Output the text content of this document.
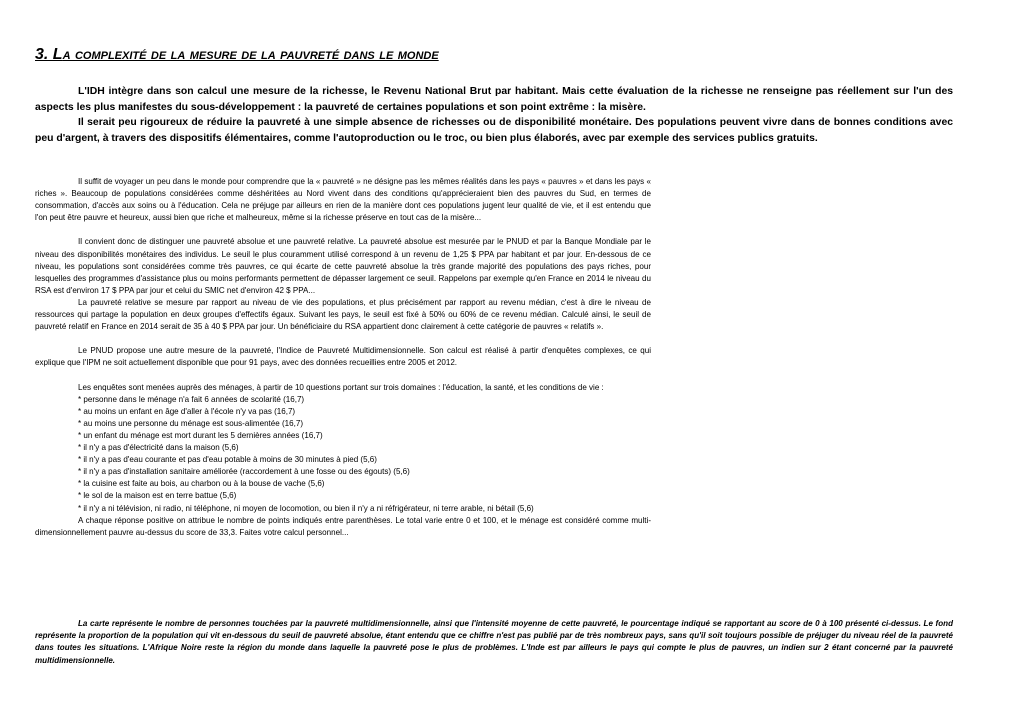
3. La complexité de la mesure de la pauvreté dans le monde

L'IDH intègre dans son calcul une mesure de la richesse, le Revenu National Brut par habitant. Mais cette évaluation de la richesse ne renseigne pas réellement sur l'un des aspects les plus manifestes du sous-développement : la pauvreté de certaines populations et son point extrême : la misère.

Il serait peu rigoureux de réduire la pauvreté à une simple absence de richesses ou de disponibilité monétaire. Des populations peuvent vivre dans de bonnes conditions avec peu d'argent, à travers des dispositifs élémentaires, comme l'autoproduction ou le troc, ou bien plus élaborés, avec par exemple des services publics gratuits.

Il suffit de voyager un peu dans le monde pour comprendre que la « pauvreté » ne désigne pas les mêmes réalités dans les pays « pauvres » et dans les pays « riches ». Beaucoup de populations considérées comme déshéritées au Nord vivent dans des conditions qu'apprécieraient bien des pauvres du Sud, en termes de consommation, d'accès aux soins ou à l'éducation. Cela ne préjuge par ailleurs en rien de la manière dont ces populations jugent leur qualité de vie, et il est entendu que l'on peut être pauvre et heureux, aussi bien que riche et malheureux, même si la richesse préserve en tout cas de la misère...

Il convient donc de distinguer une pauvreté absolue et une pauvreté relative. La pauvreté absolue est mesurée par le PNUD et par la Banque Mondiale par le niveau des disponibilités monétaires des individus. Le seuil le plus couramment utilisé correspond à un revenu de 1,25 $ PPA par habitant et par jour. En-dessous de ce niveau, les populations sont considérées comme très pauvres, ce qui écarte de cette pauvreté absolue la très grande majorité des populations des pays riches, pour lesquelles des programmes d'assistance plus ou moins performants permettent de dépasser largement ce seuil. Rappelons par exemple qu'en France en 2014 le niveau du RSA est d'environ 17 $ PPA par jour et celui du SMIC net d'environ 42 $ PPA...

La pauvreté relative se mesure par rapport au niveau de vie des populations, et plus précisément par rapport au revenu médian, c'est à dire le niveau de ressources qui partage la population en deux groupes d'effectifs égaux. Suivant les pays, le seuil est fixé à 50% ou 60% de ce revenu médian. Calculé ainsi, le seuil de pauvreté relatif en France en 2014 serait de 35 à 40 $ PPA par jour. Un bénéficiaire du RSA appartient donc clairement à cette catégorie de pauvres « relatifs ».

Le PNUD propose une autre mesure de la pauvreté, l'Indice de Pauvreté Multidimensionnelle. Son calcul est réalisé à partir d'enquêtes complexes, ce qui explique que l'IPM ne soit actuellement disponible que pour 91 pays, avec des données recueillies entre 2005 et 2012.

Les enquêtes sont menées auprès des ménages, à partir de 10 questions portant sur trois domaines : l'éducation, la santé, et les conditions de vie :

* personne dans le ménage n'a fait 6 années de scolarité (16,7)
* au moins un enfant en âge d'aller à l'école n'y va pas (16,7)
* au moins une personne du ménage est sous-alimentée (16,7)
* un enfant du ménage est mort durant les 5 dernières années (16,7)
* il n'y a pas d'électricité dans la maison (5,6)
* il n'y a pas d'eau courante et pas d'eau potable à moins de 30 minutes à pied (5,6)
* il n'y a pas d'installation sanitaire améliorée (raccordement à une fosse ou des égouts) (5,6)
* la cuisine est faite au bois, au charbon ou à la bouse de vache (5,6)
* le sol de la maison est en terre battue (5,6)
* il n'y a ni télévision, ni radio, ni téléphone, ni moyen de locomotion, ou bien il n'y a ni réfrigérateur, ni terre arable, ni bétail (5,6)

A chaque réponse positive on attribue le nombre de points indiqués entre parenthèses. Le total varie entre 0 et 100, et le ménage est considéré comme multi-dimensionnellement pauvre au-dessus du score de 33,3. Faites votre calcul personnel...

La carte représente le nombre de personnes touchées par la pauvreté multidimensionnelle, ainsi que l'intensité moyenne de cette pauvreté, le pourcentage indiqué se rapportant au score de 0 à 100 présenté ci-dessus. Le fond représente la proportion de la population qui vit en-dessous du seuil de pauvreté absolue, étant entendu que ce chiffre n'est pas publié par de très nombreux pays, sans qu'il soit toujours possible de préjuger du niveau réel de la pauvreté dans toutes les situations. L'Afrique Noire reste la région du monde dans laquelle la pauvreté pose le plus de problèmes. L'Inde est par ailleurs le pays qui compte le plus de pauvres, un indien sur 2 étant concerné par la pauvreté multidimensionnelle.
